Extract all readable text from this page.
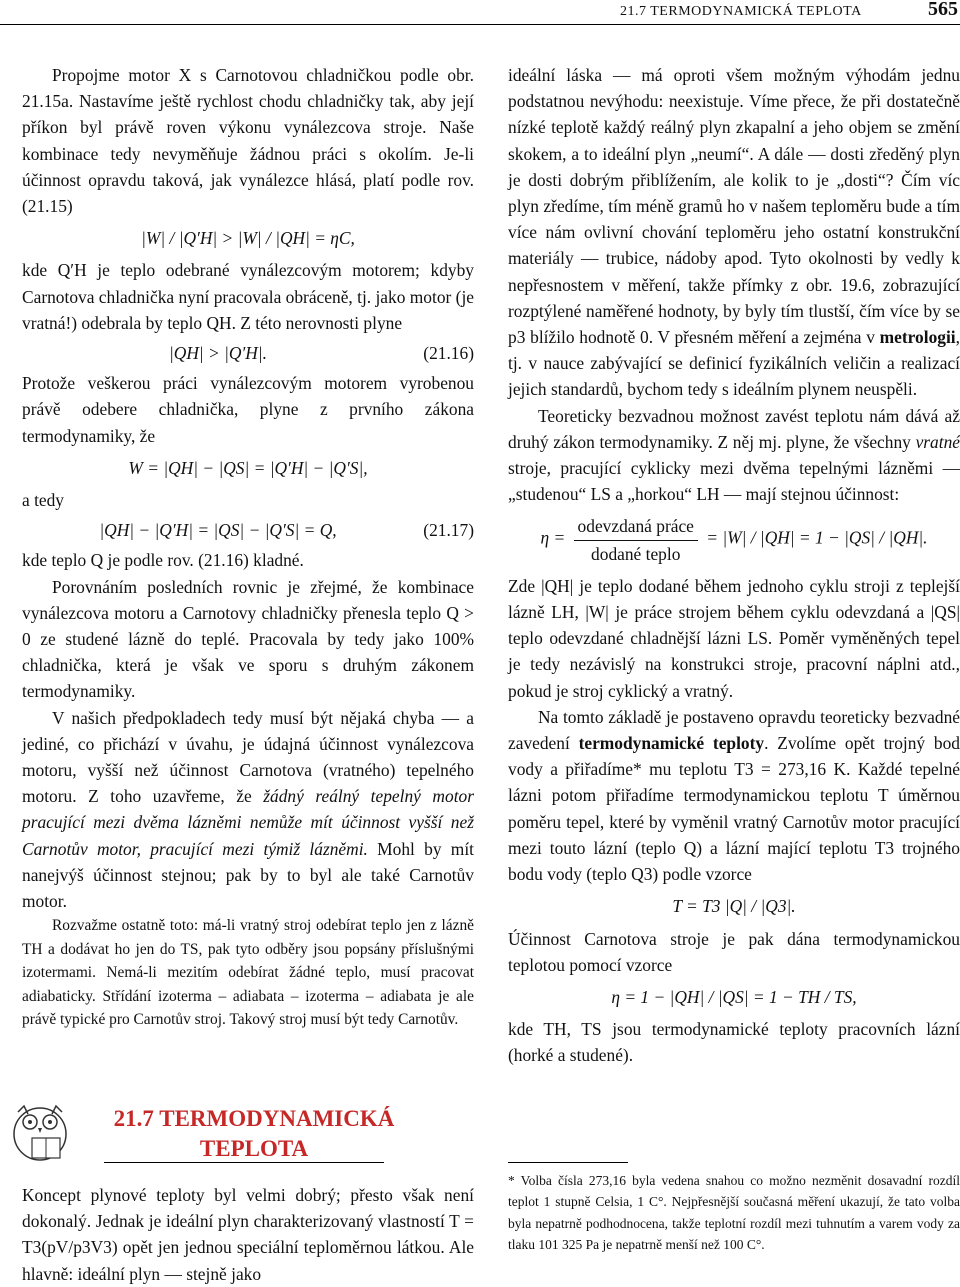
21.7 TERMODYNAMICKÁ TEPLOTA	565

Propojme motor X s Carnotovou chladničkou podle obr. 21.15a. Nastavíme ještě rychlost chodu chladničky tak, aby její příkon byl právě roven výkonu vynálezcova stroje. Naše kombinace tedy nevyměňuje žádnou práci s okolím. Je-li účinnost opravdu taková, jak vynálezce hlásá, platí podle rov. (21.15)

|W| / |Q′H| > |W| / |QH| = ηC,

kde Q′H je teplo odebrané vynálezcovým motorem; kdyby Carnotova chladnička nyní pracovala obráceně, tj. jako motor (je vratná!) odebrala by teplo QH. Z této nerovnosti plyne

|QH| > |Q′H|.	(21.16)

Protože veškerou práci vynálezcovým motorem vyrobenou právě odebere chladnička, plyne z prvního zákona termodynamiky, že

W = |QH| − |QS| = |Q′H| − |Q′S|,

a tedy

|QH| − |Q′H| = |QS| − |Q′S| = Q,	(21.17)

kde teplo Q je podle rov. (21.16) kladné.

Porovnáním posledních rovnic je zřejmé, že kombinace vynálezcova motoru a Carnotovy chladničky přenesla teplo Q > 0 ze studené lázně do teplé. Pracovala by tedy jako 100% chladnička, která je však ve sporu s druhým zákonem termodynamiky.

V našich předpokladech tedy musí být nějaká chyba — a jediné, co přichází v úvahu, je údajná účinnost vynálezcova motoru, vyšší než účinnost Carnotova (vratného) tepelného motoru. Z toho uzavřeme, že žádný reálný tepelný motor pracující mezi dvěma lázněmi nemůže mít účinnost vyšší než Carnotův motor, pracující mezi týmiž lázněmi. Mohl by mít nanejvýš účinnost stejnou; pak by to byl ale také Carnotův motor.

Rozvažme ostatně toto: má-li vratný stroj odebírat teplo jen z lázně TH a dodávat ho jen do TS, pak tyto odběry jsou popsány příslušnými izotermami. Nemá-li mezitím odebírat žádné teplo, musí pracovat adiabaticky. Střídání izoterma – adiabata – izoterma – adiabata je ale právě typické pro Carnotův stroj. Takový stroj musí být tedy Carnotův.

21.7 TERMODYNAMICKÁ
TEPLOTA
Koncept plynové teploty byl velmi dobrý; přesto však není dokonalý. Jednak je ideální plyn charakterizovaný vlastností T = T3(pV/p3V3) opět jen jednou speciální teploměrnou látkou. Ale hlavně: ideální plyn — stejně jako

ideální láska — má oproti všem možným výhodám jednu podstatnou nevýhodu: neexistuje. Víme přece, že při dostatečně nízké teplotě každý reálný plyn zkapalní a jeho objem se změní skokem, a to ideální plyn „neumí“. A dále — dosti zředěný plyn je dosti dobrým přiblížením, ale kolik to je „dosti“? Čím víc plyn zředíme, tím méně gramů ho v našem teploměru bude a tím více nám ovlivní chování teploměru jeho ostatní konstrukční materiály — trubice, nádoby apod. Tyto okolnosti by vedly k nepřesnostem v měření, takže přímky z obr. 19.6, zobrazující rozptýlené naměřené hodnoty, by byly tím tlustší, čím více by se p3 blížilo hodnotě 0. V přesném měření a zejména v metrologii, tj. v nauce zabývající se definicí fyzikálních veličin a realizací jejich standardů, bychom tedy s ideálním plynem neuspěli.

Teoreticky bezvadnou možnost zavést teplotu nám dává až druhý zákon termodynamiky. Z něj mj. plyne, že všechny vratné stroje, pracující cyklicky mezi dvěma tepelnými lázněmi — „studenou“ LS a „horkou“ LH — mají stejnou účinnost:

$\eta = \frac{\text{odevzdaná práce}}{\text{dodané teplo}} = |W| / |QH| = 1 - |QS| / |QH|$.

Zde |QH| je teplo dodané během jednoho cyklu stroji z teplejší lázně LH, |W| je práce strojem během cyklu odevzdaná a |QS| teplo odevzdané chladnější lázni LS. Poměr vyměněných tepel je tedy nezávislý na konstrukci stroje, pracovní náplni atd., pokud je stroj cyklický a vratný.

Na tomto základě je postaveno opravdu teoreticky bezvadné zavedení termodynamické teploty. Zvolíme opět trojný bod vody a přiřadíme* mu teplotu T3 = 273,16 K. Každé tepelné lázni potom přiřadíme termodynamickou teplotu T úměrnou poměru tepel, které by vyměnil vratný Carnotův motor pracující mezi touto lázní (teplo Q) a lázní mající teplotu T3 trojného bodu vody (teplo Q3) podle vzorce

T = T3 |Q| / |Q3|.

Účinnost Carnotova stroje je pak dána termodynamickou teplotou pomocí vzorce

η = 1 − |QH| / |QS| = 1 − TH / TS,

kde TH, TS jsou termodynamické teploty pracovních lázní (horké a studené).

* Volba čísla 273,16 byla vedena snahou co možno nezměnit dosavadní rozdíl teplot 1 stupně Celsia, 1 C°. Nejpřesnější současná měření ukazují, že tato volba byla nepatrně podhodnocena, takže teplotní rozdíl mezi tuhnutím a varem vody za tlaku 101 325 Pa je nepatrně menší než 100 C°.
